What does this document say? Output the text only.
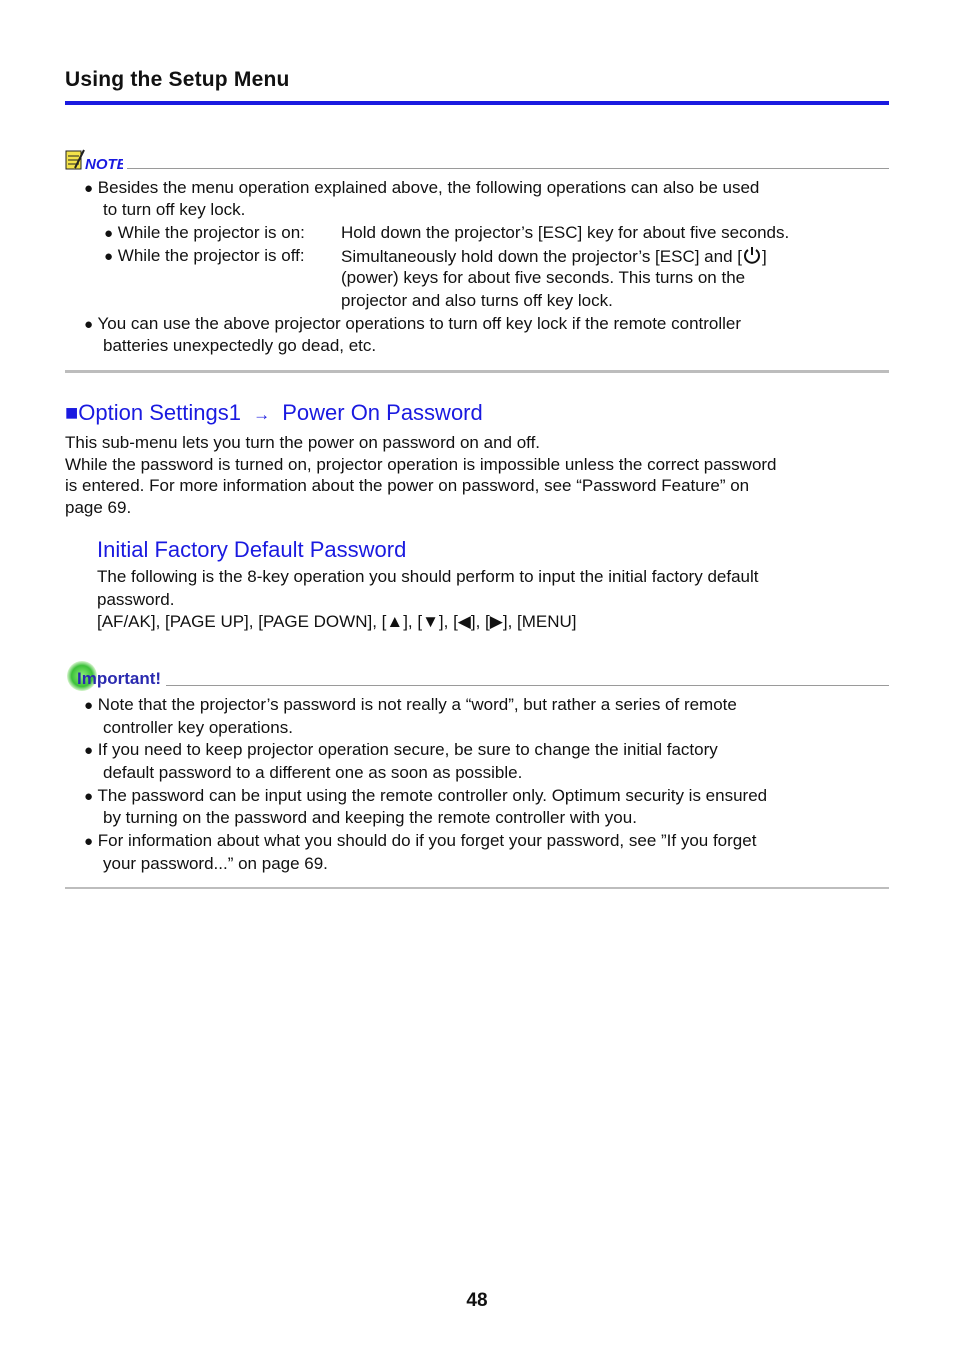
Using the Setup Menu
NOTE
● Besides the menu operation explained above, the following operations can also be used
to turn off key lock.
● While the projector is on: Hold down the projector’s [ESC] key for about five seconds.
● While the projector is off: Simultaneously hold down the projector’s [ESC] and [ ]
(power) keys for about five seconds. This turns on the
projector and also turns off key lock.
● You can use the above projector operations to turn off key lock if the remote controller
batteries unexpectedly go dead, etc.
■Option Settings1 → Power On Password
This sub-menu lets you turn the power on password on and off.
While the password is turned on, projector operation is impossible unless the correct password
is entered. For more information about the power on password, see “Password Feature” on
page 69.
Initial Factory Default Password
The following is the 8-key operation you should perform to input the initial factory default
password.
[AF/AK], [PAGE UP], [PAGE DOWN], [▲], [▼], [◀], [▶], [MENU]
Important!
● Note that the projector’s password is not really a “word”, but rather a series of remote
controller key operations.
● If you need to keep projector operation secure, be sure to change the initial factory
default password to a different one as soon as possible.
● The password can be input using the remote controller only. Optimum security is ensured
by turning on the password and keeping the remote controller with you.
● For information about what you should do if you forget your password, see ”If you forget
your password...” on page 69.
48
